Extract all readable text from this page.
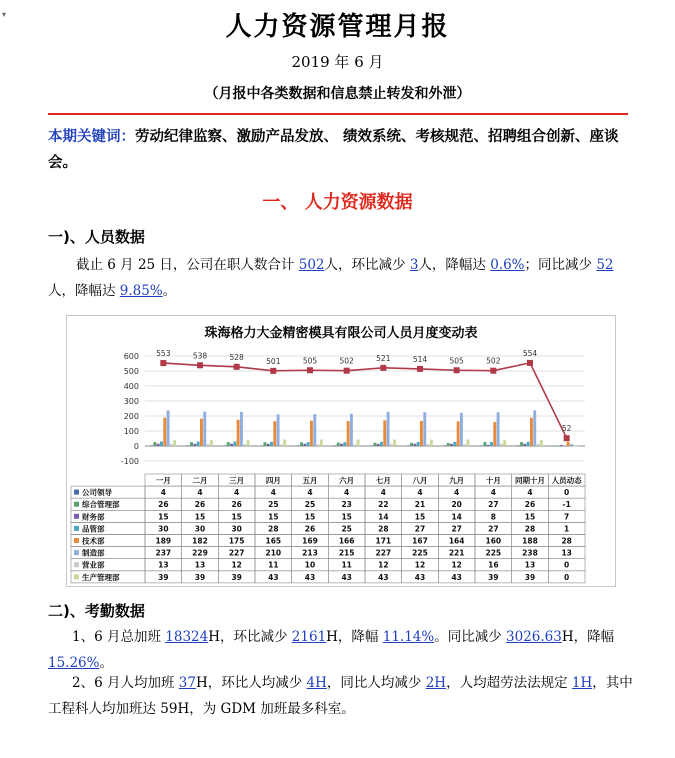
▾	人力资源管理月报
2019 年 6 月
（月报中各类数据和信息禁止转发和外泄）
本期关键词：劳动纪律监察、激励产品发放、 绩效系统、考核规范、招聘组合创新、座谈会。
一、 人力资源数据
一)、人员数据
截止 6 月 25 日，公司在职人数合计 502人，环比减少 3人，降幅达 0.6%；同比减少 52人，降幅达 9.85%。
珠海格力大金精密模具有限公司人员月度变动表
-100
0
100
200
300
400
500
600 553	538	528	501	505	502	521	514	505	502
554
52
一月	二月	三月	四月	五月	六月	七月	八月	九月	十月 同期十月 人员动态
公司领导	4	4	4	4	4	4	4	4	4	4	4	0
综合管理部	26	26	26	25	25	23	22	21	20	27	26	-1
财务部	15	15	15	15	15	15	14	15	14	8	15	7
品管部	30	30	30	28	26	25	28	27	27	27	28	1
技术部	189	182	175	165	169	166	171	167	164	160	188	28
制造部	237	229	227	210	213	215	227	225	221	225	238	13
营业部	13	13	12	11	10	11	12	12	12	16	13	0
生产管理部	39	39	39	43	43	43	43	43	43	39	39	0
二)、考勤数据
1、6 月总加班 18324H，环比减少 2161H，降幅 11.14%。同比减少 3026.63H，降幅 15.26%。
2、6 月人均加班 37H，环比人均减少 4H，同比人均减少 2H，人均超劳法法规定 1H，其中工程科人均加班达 59H，为 GDM 加班最多科室。
